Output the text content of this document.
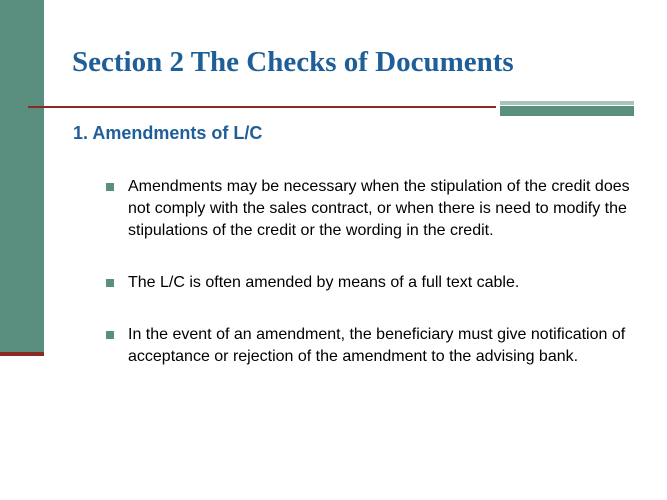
Section 2 The Checks of Documents
1. Amendments of L/C
Amendments may be necessary when the stipulation of the credit does not comply with the sales contract, or when there is need to modify the stipulations of the credit or the wording in the credit.
The L/C is often amended by means of a full text cable.
In the event of an amendment, the beneficiary must give notification of acceptance or rejection of the amendment to the advising bank.
